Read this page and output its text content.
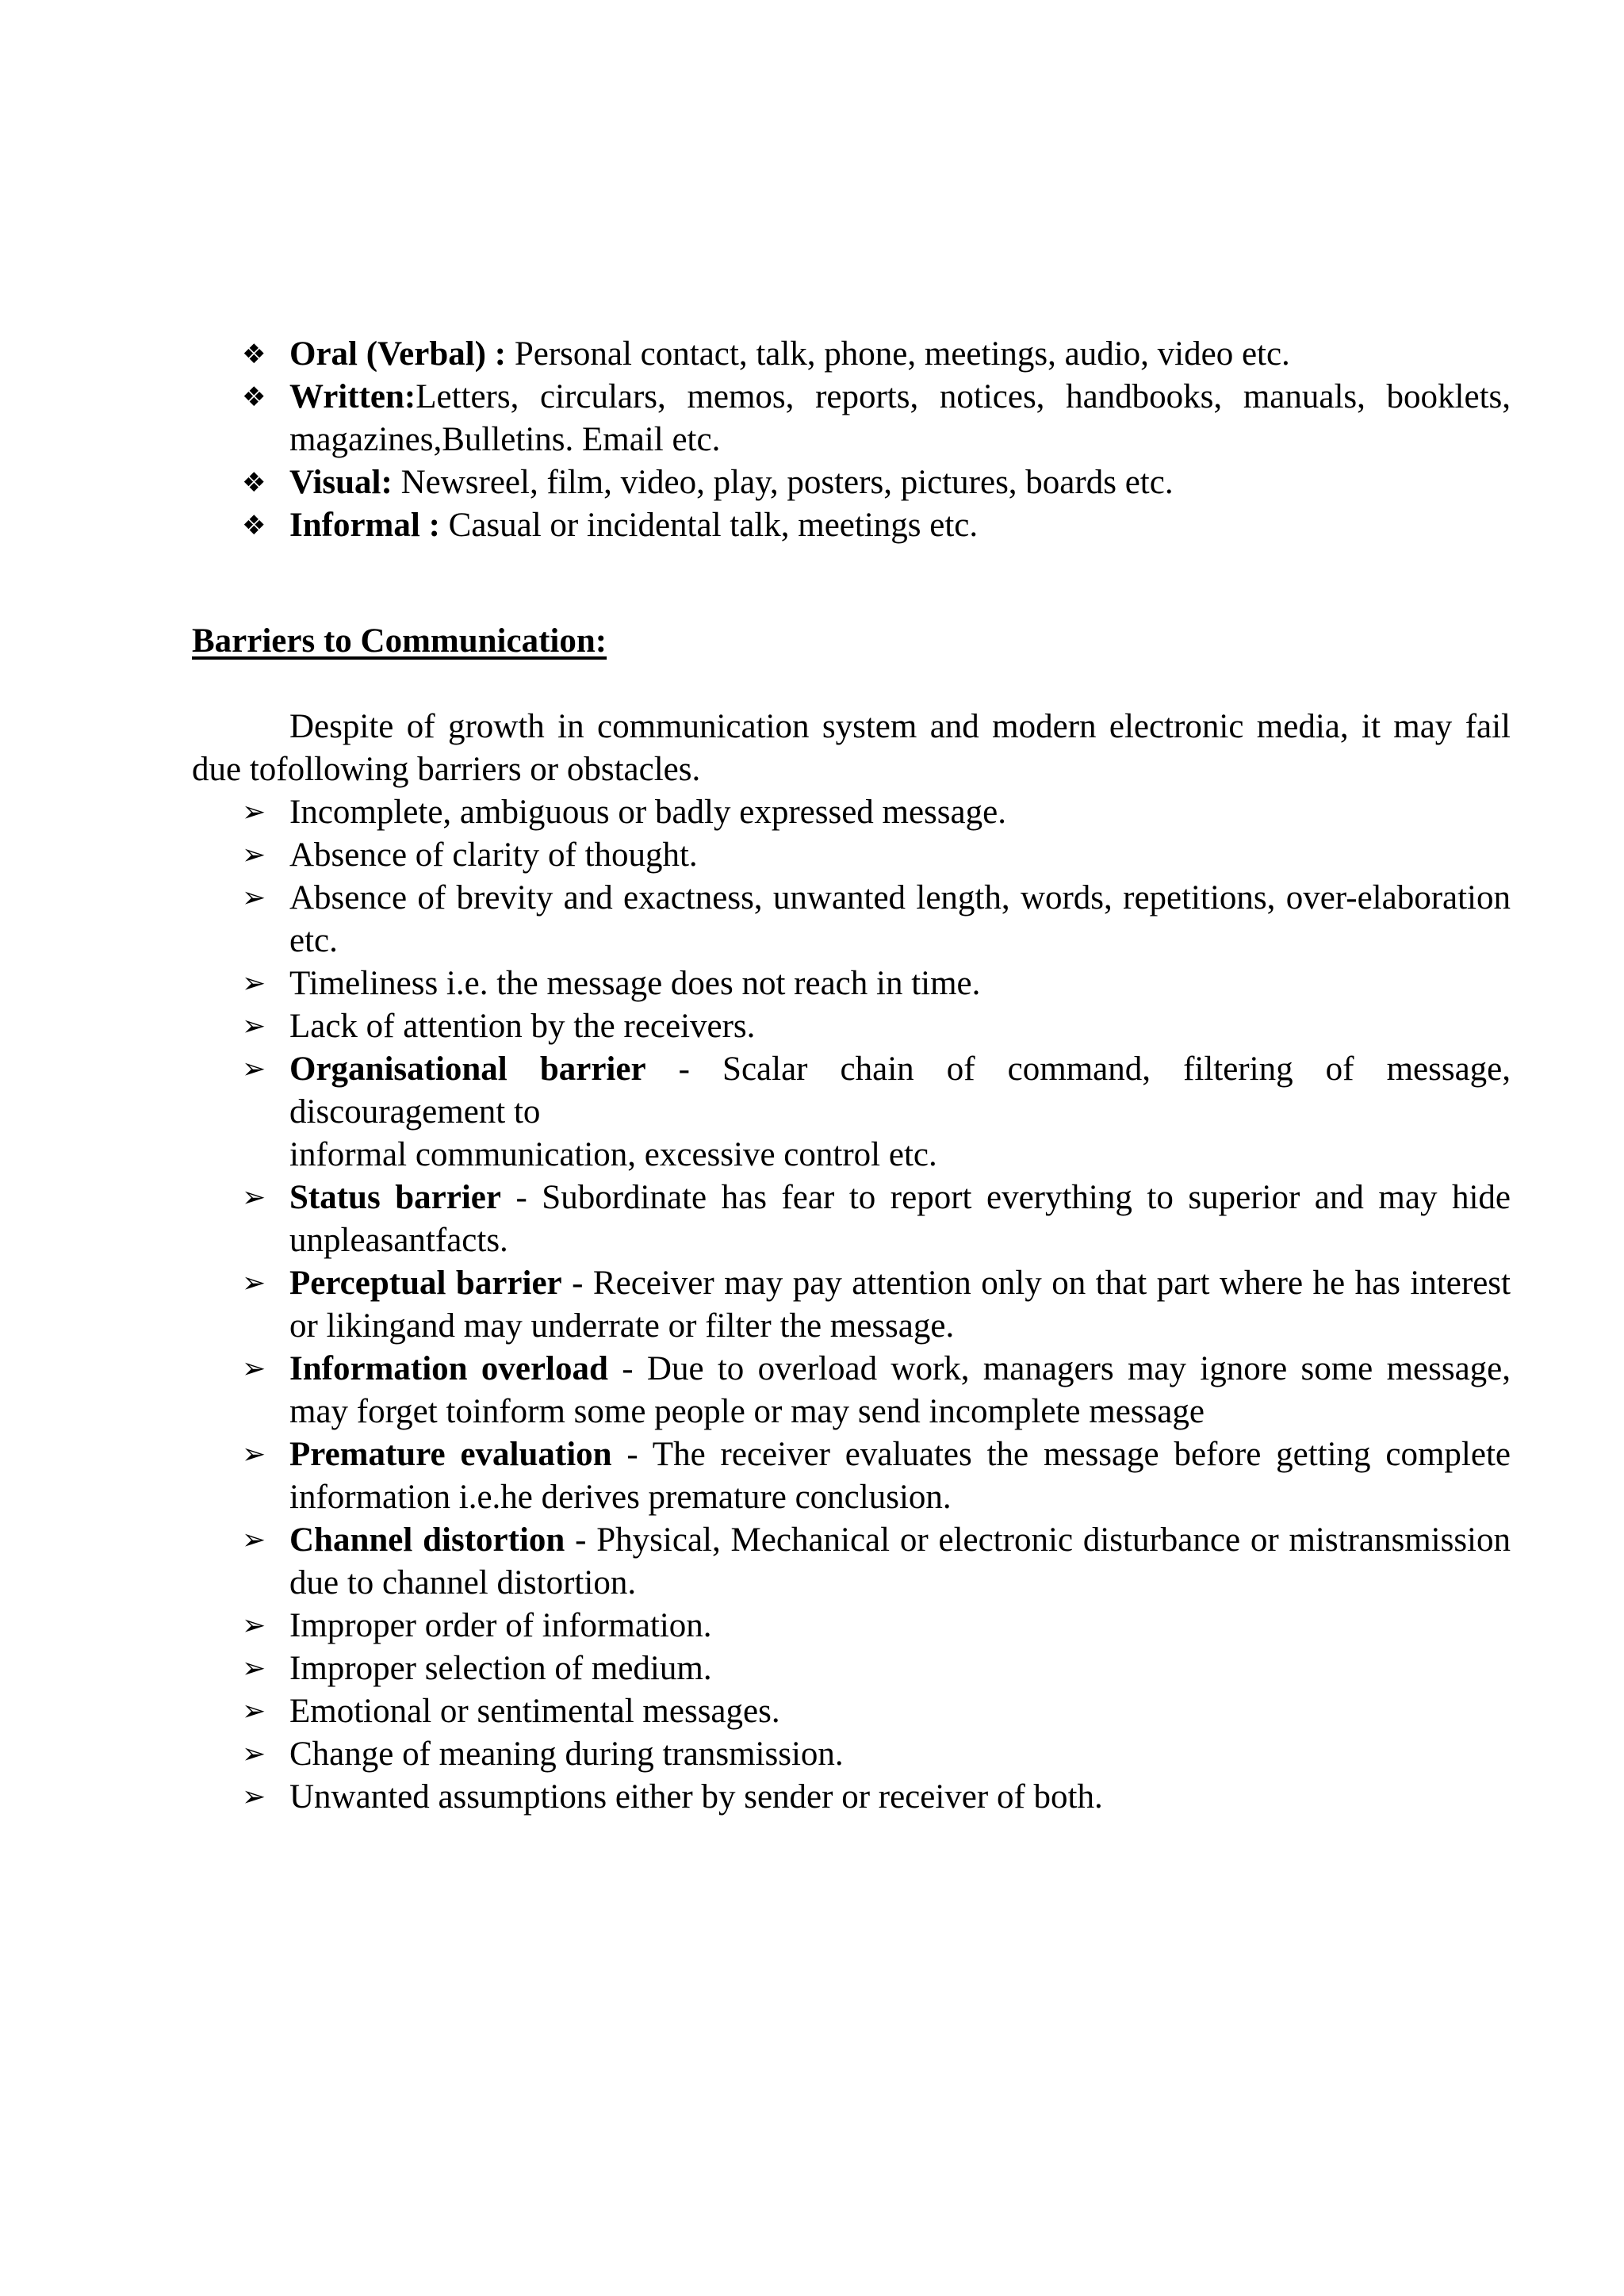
❖ Oral (Verbal) : Personal contact, talk, phone, meetings, audio, video etc.
❖ Written:Letters, circulars, memos, reports, notices, handbooks, manuals, booklets, magazines,Bulletins. Email etc.
❖ Visual: Newsreel, film, video, play, posters, pictures, boards etc.
❖ Informal : Casual or incidental talk, meetings etc.
Barriers to Communication:

Despite of growth in communication system and modern electronic media, it may fail due tofollowing barriers or obstacles.

➢ Incomplete, ambiguous or badly expressed message.
➢ Absence of clarity of thought.
➢ Absence of brevity and exactness, unwanted length, words, repetitions, over-elaboration etc.
➢ Timeliness i.e. the message does not reach in time.
➢ Lack of attention by the receivers.
➢ Organisational barrier - Scalar chain of command, filtering of message, discouragement to
informal communication, excessive control etc.
➢ Status barrier - Subordinate has fear to report everything to superior and may hide unpleasantfacts.
➢ Perceptual barrier - Receiver may pay attention only on that part where he has interest or likingand may underrate or filter the message.
➢ Information overload - Due to overload work, managers may ignore some message, may forget toinform some people or may send incomplete message
➢ Premature evaluation - The receiver evaluates the message before getting complete information i.e.he derives premature conclusion.
➢ Channel distortion - Physical, Mechanical or electronic disturbance or mistransmission due to channel distortion.
➢ Improper order of information.
➢ Improper selection of medium.
➢ Emotional or sentimental messages.
➢ Change of meaning during transmission.
➢ Unwanted assumptions either by sender or receiver of both.
